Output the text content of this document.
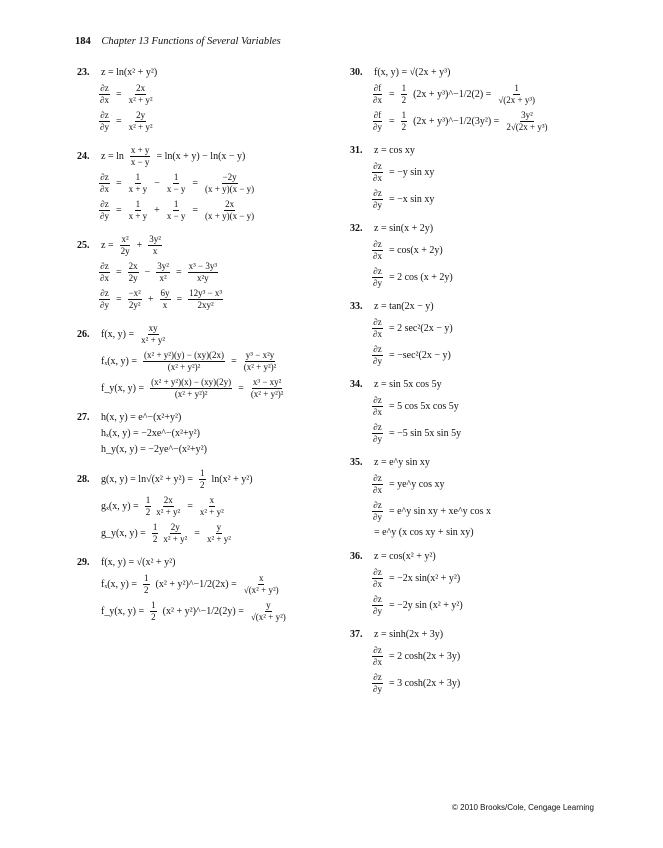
184 Chapter 13 Functions of Several Variables
23.	z = ln(x² + y²)
$\frac{\partial z}{\partial x} = \frac{2x}{\text{x² + y²}}$
$\frac{\partial z}{\partial y} = \frac{2y}{\text{x² + y²}}$
24.	$z = \ln \frac{x + y}{x - y} = \ln(x + y) - \ln(x - y)$
$\frac{\partial z}{\partial x} = \frac{1}{x + y} - \frac{1}{x - y} = \frac{-2y}{(x + y)(x - y)}$
$\frac{\partial z}{\partial y} = \frac{1}{x + y} + \frac{1}{x - y} = \frac{2x}{(x + y)(x - y)}$
25.	$z = \frac{\text{x²}}{2y} + \frac{\text{3y²}}{x}$
$\frac{\partial z}{\partial x} = \frac{2x}{2y} - \frac{\text{3y²}}{\text{x²}} = \frac{\text{x³ − 3y³}}{\text{x²y}}$
$\frac{\partial z}{\partial y} = \frac{\text{−x²}}{\text{2y²}} + \frac{6y}{x} = \frac{\text{12y³ − x³}}{\text{2xy²}}$
26.	f(x, $y) = \frac{xy}{\text{x² + y²}}$
fₓ(x, $y) = \frac{\text{(x² + y²)(y) − (xy)(2x)}}{\text{(x² + y²)²}} = \frac{\text{y³ − x²y}}{\text{(x² + y²)²}}$
f_y(x, $y) = \frac{\text{(x² + y²)(x) − (xy)(2y)}}{\text{(x² + y²)²}} = \frac{\text{x³ − xy²}}{\text{(x² + y²)²}}$
27.	h(x, y) = e^−(x²+y²)
hₓ(x, y) = −2xe^−(x²+y²)
h_y(x, y) = −2ye^−(x²+y²)
28.	g(x, $y) = \ln√(x^2 + y^2) = \frac{1}{2} \ln(x^2 + y^2)$
gₓ(x, $y) = \frac{1}{2} \frac{2x}{\text{x² + y²}} = \frac{x}{\text{x² + y²}}$
g_y(x, $y) = \frac{1}{2} \frac{2y}{\text{x² + y²}} = \frac{y}{\text{x² + y²}}$
29.	f(x, y) = √(x² + y²)
fₓ(x, $y) = \frac{1}{2} (x^2$ + y²)^−1/2(2x) = $\frac{x}{\text{√(x² + y²)}}$
f_y(x, $y) = \frac{1}{2} (x^2$ + y²)^−1/2(2y) = $\frac{y}{\text{√(x² + y²)}}$
30.	f(x, y) = √(2x + y³)
$\frac{\partial f}{\partial x} = \frac{1}{2} (2x$ + y³)^−1/2(2) = $\frac{1}{\text{√(2x + y³)}}$
$\frac{\partial f}{\partial y} = \frac{1}{2} (2x$ + y³)^−1/2(3y²) = $\frac{\text{3y²}}{\text{2√(2x + y³)}}$
31.	z = cos xy
$\frac{\partial z}{\partial x} = -y$ sin xy
$\frac{\partial z}{\partial y} = -x$ sin xy
32.	z = sin(x + 2y)
$\frac{\partial z}{\partial x} = \cos(x + 2y)$
$\frac{\partial z}{\partial y} = 2$ cos (x + 2y)
33.	z = tan(2x − y)
$\frac{\partial z}{\partial x} = 2$ sec²(2x − y)
$\frac{\partial z}{\partial y} = -\sec^2(2x - y)$
34.	z = sin 5x cos 5y
$\frac{\partial z}{\partial x} = 5$ cos 5x cos 5y
$\frac{\partial z}{\partial y} = -5$ sin 5x sin 5y
35.	z = e^y sin xy
$\frac{\partial z}{\partial x}$ = ye^y cos xy
$\frac{\partial z}{\partial y}$ = e^y sin xy + xe^y cos x
= e^y (x cos xy + sin xy)
36.	z = cos(x² + y²)
$\frac{\partial z}{\partial x} = -2x$ sin(x² + y²)
$\frac{\partial z}{\partial y} = -2y$ sin (x² + y²)
37.	z = sinh(2x + 3y)
$\frac{\partial z}{\partial x} = 2$ cosh(2x + 3y)
$\frac{\partial z}{\partial y} = 3$ cosh(2x + 3y)
© 2010 Brooks/Cole, Cengage Learning
